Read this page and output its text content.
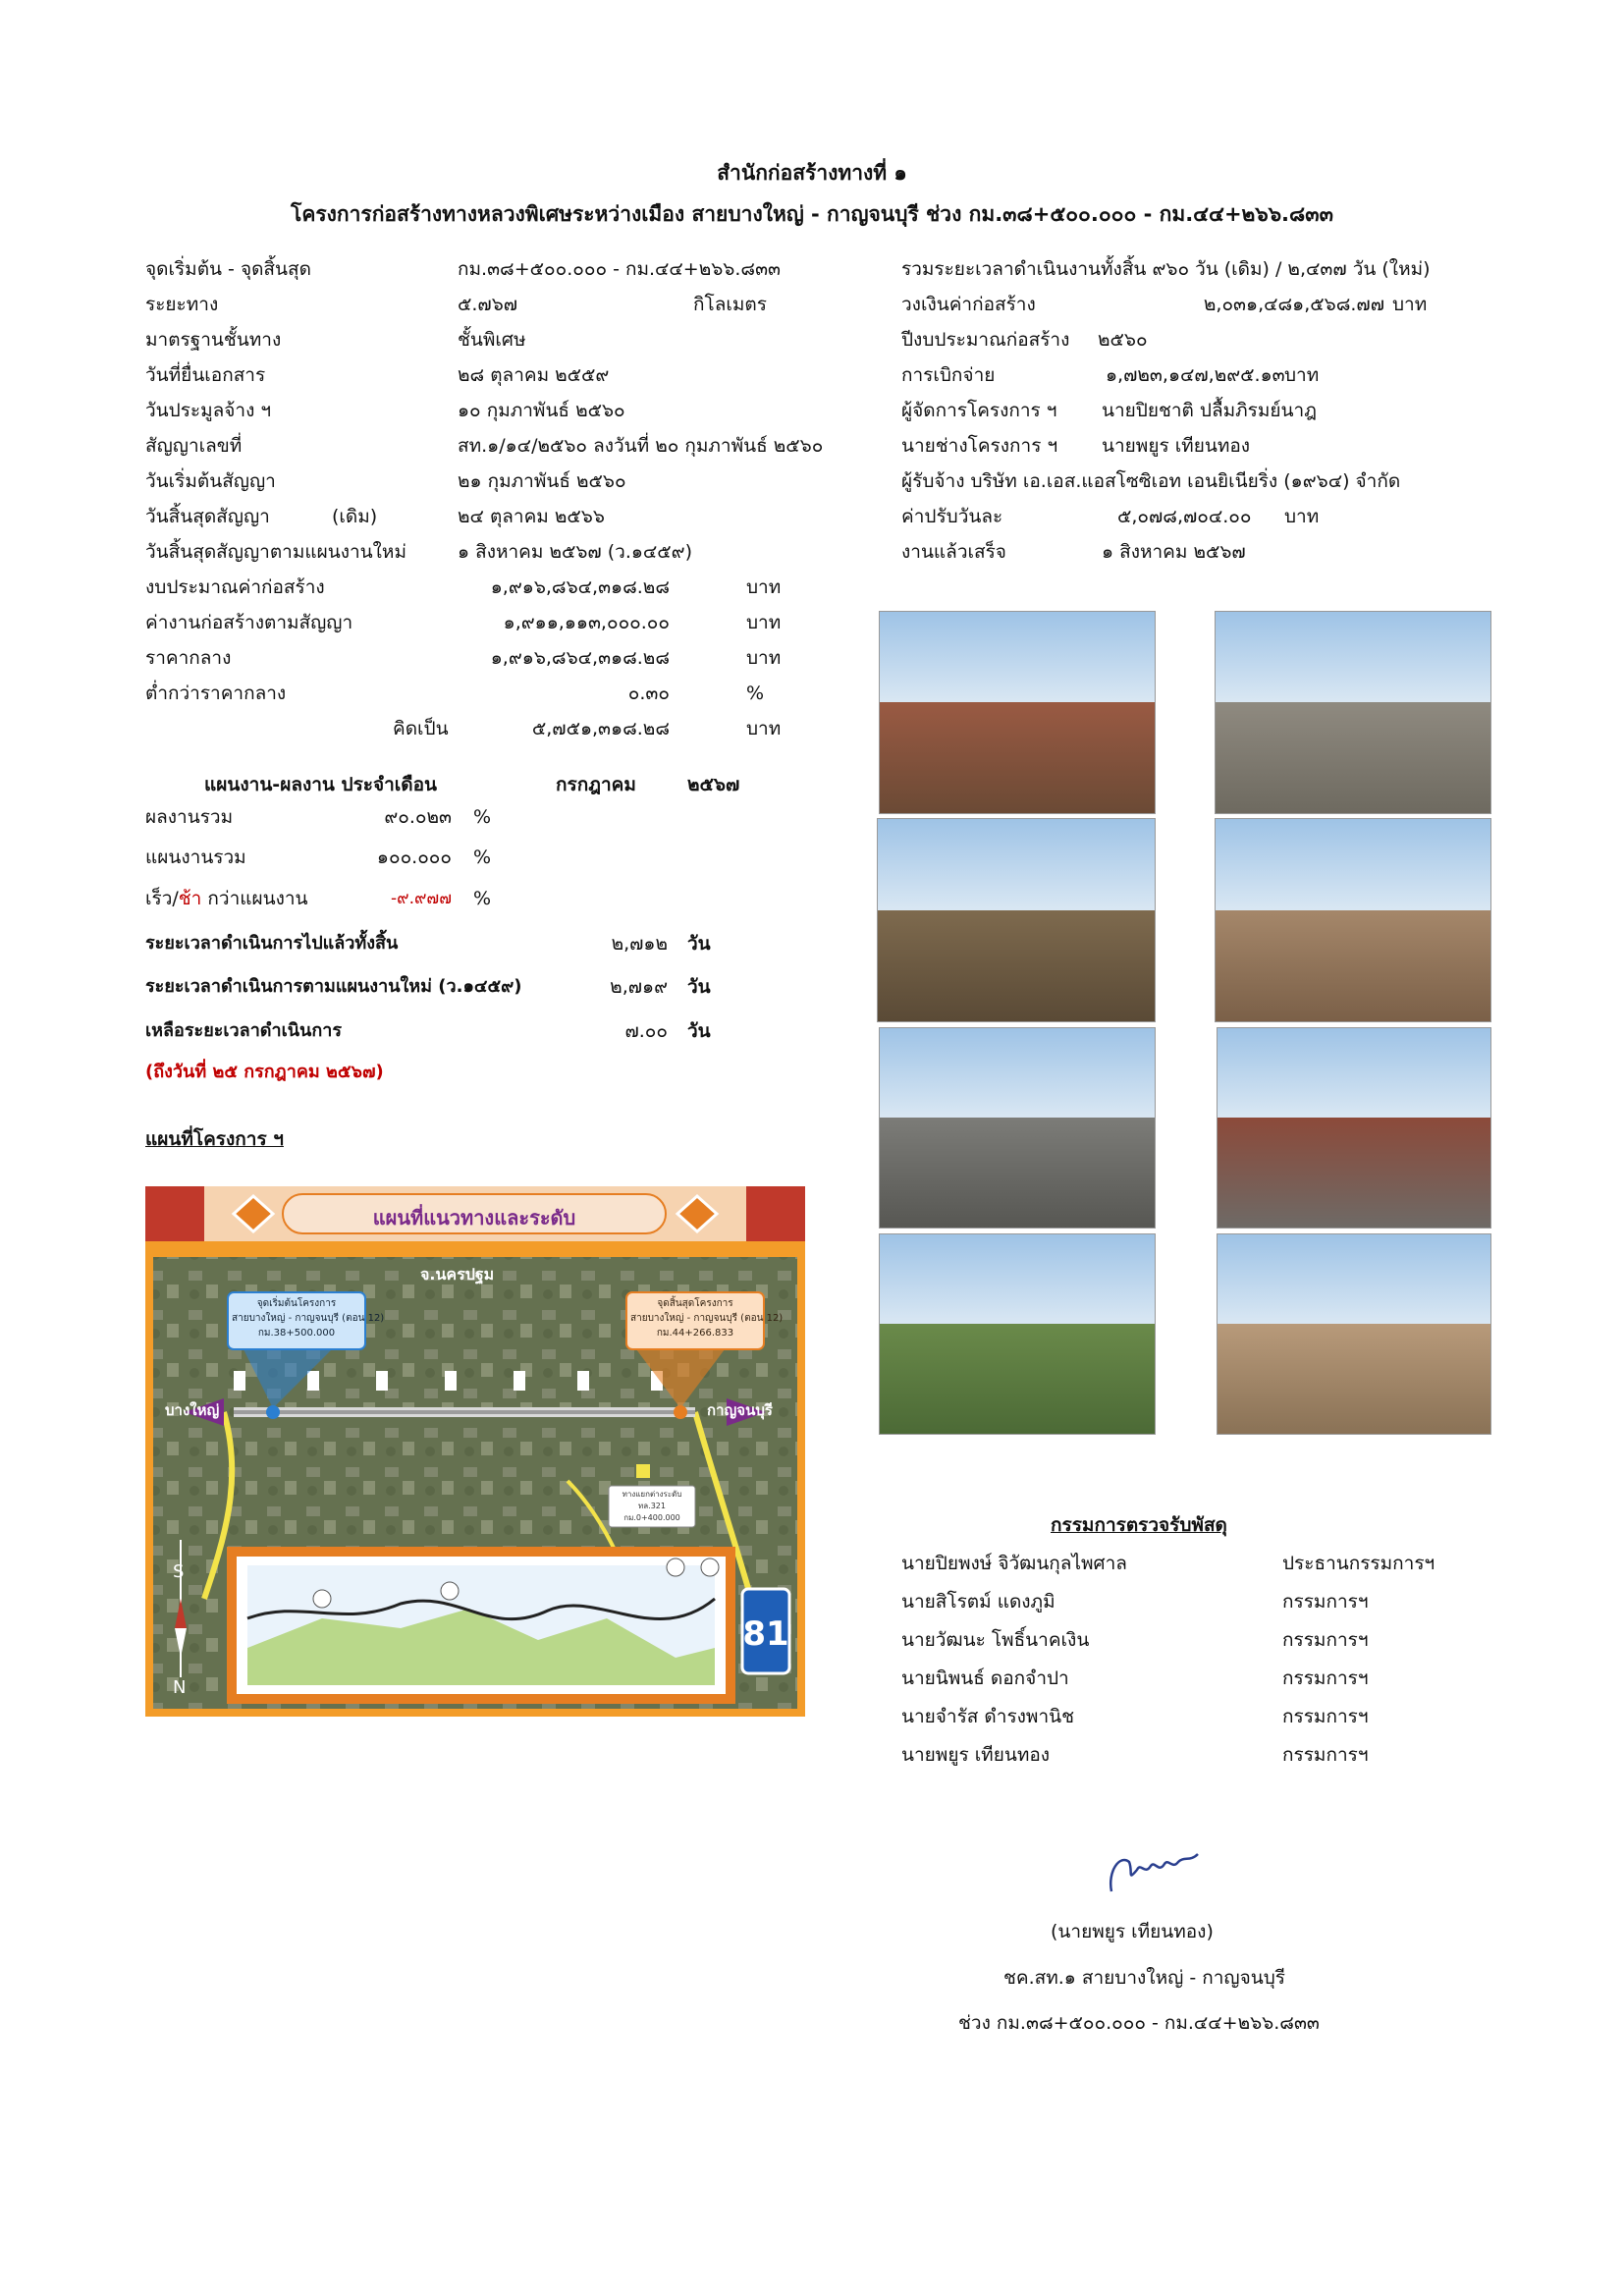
สำนักก่อสร้างทางที่ ๑
โครงการก่อสร้างทางหลวงพิเศษระหว่างเมือง สายบางใหญ่ - กาญจนบุรี ช่วง กม.๓๘+๕๐๐.๐๐๐ - กม.๔๔+๒๖๖.๘๓๓
จุดเริ่มต้น - จุดสิ้นสุด	กม.๓๘+๕๐๐.๐๐๐ - กม.๔๔+๒๖๖.๘๓๓
ระยะทาง	๕.๗๖๗	กิโลเมตร
มาตรฐานชั้นทาง	ชั้นพิเศษ
วันที่ยื่นเอกสาร	๒๘ ตุลาคม ๒๕๕๙
วันประมูลจ้าง ฯ	๑๐ กุมภาพันธ์ ๒๕๖๐
สัญญาเลขที่	สท.๑/๑๔/๒๕๖๐ ลงวันที่ ๒๐ กุมภาพันธ์ ๒๕๖๐
วันเริ่มต้นสัญญา	๒๑ กุมภาพันธ์ ๒๕๖๐
วันสิ้นสุดสัญญา	(เดิม)	๒๔ ตุลาคม ๒๕๖๖
วันสิ้นสุดสัญญาตามแผนงานใหม่	๑ สิงหาคม ๒๕๖๗ (ว.๑๔๕๙)
งบประมาณค่าก่อสร้าง	๑,๙๑๖,๘๖๔,๓๑๘.๒๘	บาท
ค่างานก่อสร้างตามสัญญา	๑,๙๑๑,๑๑๓,๐๐๐.๐๐	บาท
ราคากลาง	๑,๙๑๖,๘๖๔,๓๑๘.๒๘	บาท
ต่ำกว่าราคากลาง	๐.๓๐	%
คิดเป็น	๕,๗๕๑,๓๑๘.๒๘	บาท
รวมระยะเวลาดำเนินงานทั้งสิ้น ๙๖๐ วัน (เดิม) / ๒,๔๓๗ วัน (ใหม่)
วงเงินค่าก่อสร้าง	๒,๐๓๑,๔๘๑,๕๖๘.๗๗ บาท
ปีงบประมาณก่อสร้าง ๒๕๖๐
การเบิกจ่าย	๑,๗๒๓,๑๔๗,๒๙๕.๑๓ บาท
ผู้จัดการโครงการ ฯ นายปิยชาติ ปลื้มภิรมย์นาฎ
นายช่างโครงการ ฯ นายพยูร เทียนทอง
ผู้รับจ้าง บริษัท เอ.เอส.แอสโซซิเอท เอนยิเนียริ่ง (๑๙๖๔) จำกัด
ค่าปรับวันละ	๕,๐๗๘,๗๐๔.๐๐ บาท
งานแล้วเสร็จ	๑ สิงหาคม ๒๕๖๗
แผนงาน-ผลงาน ประจำเดือน	กรกฎาคม	๒๕๖๗
ผลงานรวม	๙๐.๐๒๓ %
แผนงานรวม	๑๐๐.๐๐๐ %
เร็ว/ช้า กว่าแผนงาน	-๙.๙๗๗ %
ระยะเวลาดำเนินการไปแล้วทั้งสิ้น	๒,๗๑๒ วัน
ระยะเวลาดำเนินการตามแผนงานใหม่ (ว.๑๔๕๙)	๒,๗๑๙ วัน
เหลือระยะเวลาดำเนินการ	๗.๐๐ วัน
(ถึงวันที่ ๒๕ กรกฎาคม ๒๕๖๗)
แผนที่โครงการ ฯ
แผนที่แนวทางและระดับ
จ.นครปฐม
บางใหญ่	กาญจนบุรี
จุดเริ่มต้นโครงการ
สายบางใหญ่ - กาญจนบุรี (ตอน 12)
กม.38+500.000
จุดสิ้นสุดโครงการ
สายบางใหญ่ - กาญจนบุรี (ตอน 12)
กม.44+266.833
ทางแยกต่างระดับ
ทล.321
กม.0+400.000
81
S
N
กรรมการตรวจรับพัสดุ
นายปิยพงษ์ จิวัฒนกุลไพศาล	ประธานกรรมการฯ
นายสิโรตม์ แดงภูมิ	กรรมการฯ
นายวัฒนะ โพธิ์นาคเงิน	กรรมการฯ
นายนิพนธ์ ดอกจำปา	กรรมการฯ
นายจำรัส ดำรงพานิช	กรรมการฯ
นายพยูร เทียนทอง	กรรมการฯ
(นายพยูร เทียนทอง)
ชค.สท.๑ สายบางใหญ่ - กาญจนบุรี
ช่วง กม.๓๘+๕๐๐.๐๐๐ - กม.๔๔+๒๖๖.๘๓๓
